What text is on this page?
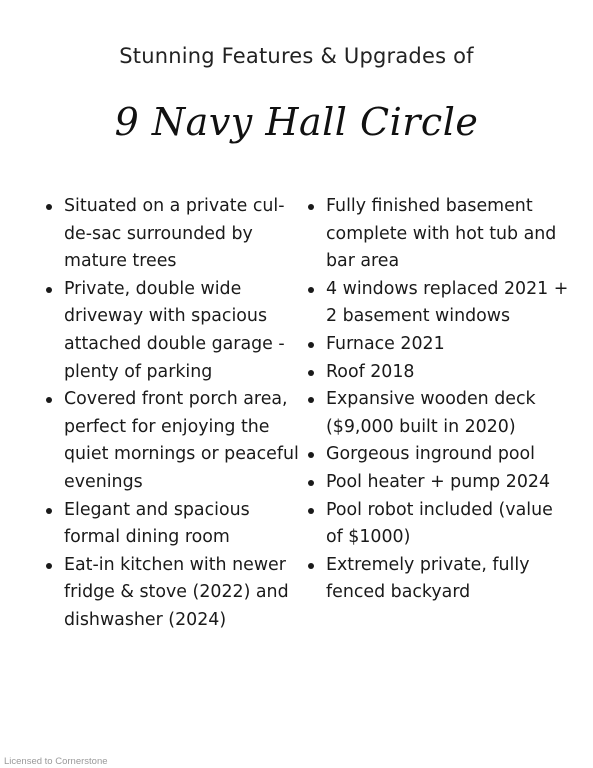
Stunning Features & Upgrades of
9 Navy Hall Circle
Situated on a private cul-de-sac surrounded by mature trees
Private, double wide driveway with spacious attached double garage - plenty of parking
Covered front porch area, perfect for enjoying the quiet mornings or peaceful evenings
Elegant and spacious formal dining room
Eat-in kitchen with newer fridge & stove (2022) and dishwasher (2024)
Fully finished basement complete with hot tub and bar area
4 windows replaced 2021 + 2 basement windows
Furnace 2021
Roof 2018
Expansive wooden deck ($9,000 built in 2020)
Gorgeous inground pool
Pool heater + pump 2024
Pool robot included (value of $1000)
Extremely private, fully fenced backyard
Licensed to Cornerstone
